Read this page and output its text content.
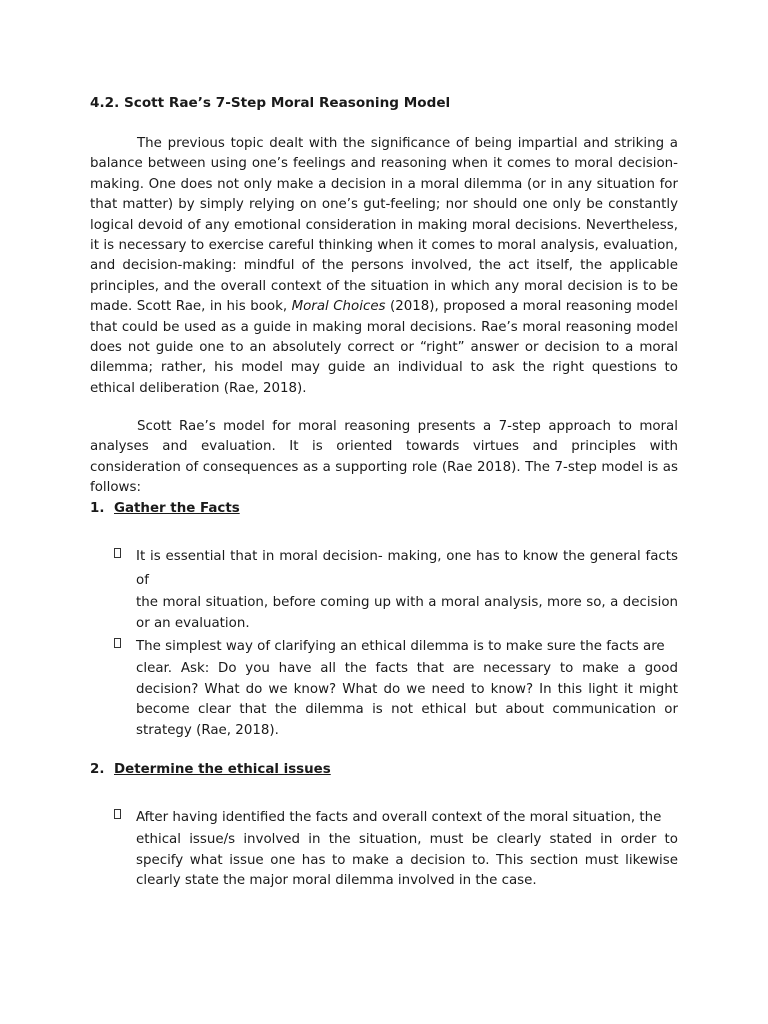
4.2. Scott Rae’s 7-Step Moral Reasoning Model

The previous topic dealt with the significance of being impartial and striking a balance between using one’s feelings and reasoning when it comes to moral decision-making. One does not only make a decision in a moral dilemma (or in any situation for that matter) by simply relying on one’s gut-feeling; nor should one only be constantly logical devoid of any emotional consideration in making moral decisions. Nevertheless, it is necessary to exercise careful thinking when it comes to moral analysis, evaluation, and decision-making: mindful of the persons involved, the act itself, the applicable principles, and the overall context of the situation in which any moral decision is to be made. Scott Rae, in his book, Moral Choices (2018), proposed a moral reasoning model that could be used as a guide in making moral decisions. Rae’s moral reasoning model does not guide one to an absolutely correct or “right” answer or decision to a moral dilemma; rather, his model may guide an individual to ask the right questions to ethical deliberation (Rae, 2018).

Scott Rae’s model for moral reasoning presents a 7-step approach to moral analyses and evaluation. It is oriented towards virtues and principles with consideration of consequences as a supporting role (Rae 2018). The 7-step model is as follows:

1. Gather the Facts

It is essential that in moral decision- making, one has to know the general facts of
the moral situation, before coming up with a moral analysis, more so, a decision or an evaluation.

The simplest way of clarifying an ethical dilemma is to make sure the facts are
clear. Ask: Do you have all the facts that are necessary to make a good decision? What do we know? What do we need to know? In this light it might become clear that the dilemma is not ethical but about communication or strategy (Rae, 2018).

2. Determine the ethical issues

After having identified the facts and overall context of the moral situation, the
ethical issue/s involved in the situation, must be clearly stated in order to specify what issue one has to make a decision to. This section must likewise clearly state the major moral dilemma involved in the case.
